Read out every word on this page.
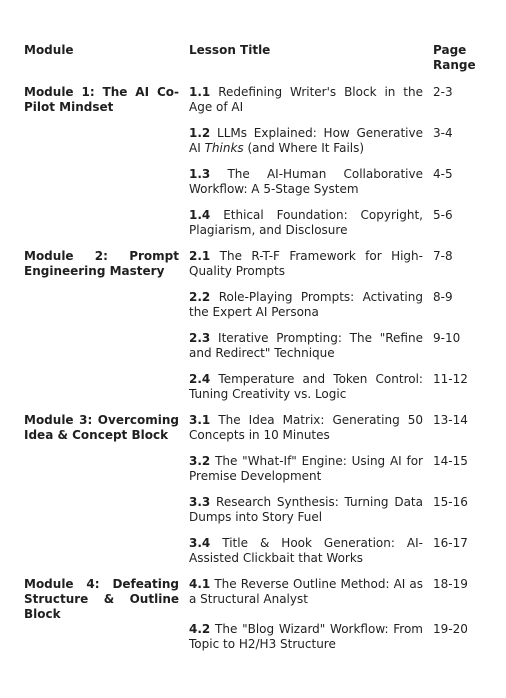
Module	Lesson Title	Page Range
Module 1: The AI Co-Pilot Mindset	1.1 Redefining Writer's Block in the Age of AI	2-3
	1.2 LLMs Explained: How Generative AI Thinks (and Where It Fails)	3-4
	1.3 The AI-Human Collaborative Workflow: A 5-Stage System	4-5
	1.4 Ethical Foundation: Copyright, Plagiarism, and Disclosure	5-6
Module 2: Prompt Engineering Mastery	2.1 The R-T-F Framework for High-Quality Prompts	7-8
	2.2 Role-Playing Prompts: Activating the Expert AI Persona	8-9
	2.3 Iterative Prompting: The "Refine and Redirect" Technique	9-10
	2.4 Temperature and Token Control: Tuning Creativity vs. Logic	11-12
Module 3: Overcoming Idea & Concept Block	3.1 The Idea Matrix: Generating 50 Concepts in 10 Minutes	13-14
	3.2 The "What-If" Engine: Using AI for Premise Development	14-15
	3.3 Research Synthesis: Turning Data Dumps into Story Fuel	15-16
	3.4 Title & Hook Generation: AI-Assisted Clickbait that Works	16-17
Module 4: Defeating Structure & Outline Block	4.1 The Reverse Outline Method: AI as a Structural Analyst	18-19
	4.2 The "Blog Wizard" Workflow: From Topic to H2/H3 Structure	19-20
